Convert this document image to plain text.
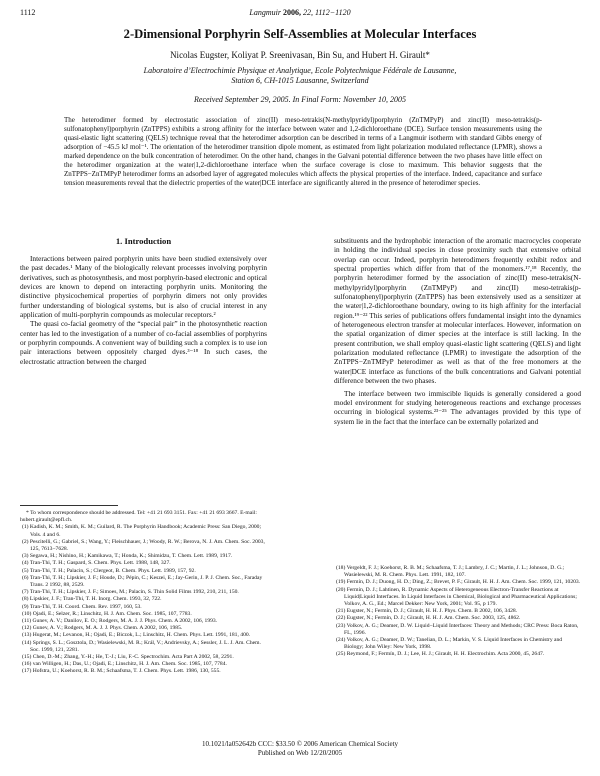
1112	Langmuir 2006, 22, 1112−1120
2-Dimensional Porphyrin Self-Assemblies at Molecular Interfaces
Nicolas Eugster, Koliyat P. Sreenivasan, Bin Su, and Hubert H. Girault*
Laboratoire d’Electrochimie Physique et Analytique, Ecole Polytechnique Fédérale de Lausanne,
Station 6, CH-1015 Lausanne, Switzerland
Received September 29, 2005. In Final Form: November 10, 2005

The heterodimer formed by electrostatic association of zinc(II) meso-tetrakis(N-methylpyridyl)porphyrin (ZnTMPyP) and zinc(II) meso-tetrakis(p-sulfonatophenyl)porphyrin (ZnTPPS) exhibits a strong affinity for the interface between water and 1,2-dichloroethane (DCE). Surface tension measurements using the quasi-elastic light scattering (QELS) technique reveal that the heterodimer adsorption can be described in terms of a Langmuir isotherm with standard Gibbs energy of adsorption of −45.5 kJ mol⁻¹. The orientation of the heterodimer transition dipole moment, as estimated from light polarization modulated reflectance (LPMR), shows a marked dependence on the bulk concentration of heterodimer. On the other hand, changes in the Galvani potential difference between the two phases have little effect on the heterodimer organization at the water|1,2-dichloroethane interface when the surface coverage is close to maximum. This behavior suggests that the ZnTPPS−ZnTMPyP heterodimer forms an adsorbed layer of aggregated molecules which affects the physical properties of the interface. Indeed, capacitance and surface tension measurements reveal that the dielectric properties of the water|DCE interface are significantly altered in the presence of heterodimer species.

1. Introduction

Interactions between paired porphyrin units have been studied extensively over the past decades.¹ Many of the biologically relevant processes involving porphyrin derivatives, such as photosynthesis, and most porphyrin-based electronic and optical devices are known to depend on interacting porphyrin units. Monitoring the distinctive physicochemical properties of porphyrin dimers not only provides further understanding of biological systems, but is also of crucial interest in any application of multi-porphyrin compounds as molecular receptors.²

The quasi co-facial geometry of the “special pair” in the photosynthetic reaction center has led to the investigation of a number of co-facial assemblies of porphyrins or porphyrin compounds. A convenient way of building such a complex is to use ion pair interactions between oppositely charged dyes.³⁻¹⁸ In such cases, the electrostatic attraction between the charged

substituents and the hydrophobic interaction of the aromatic macrocycles cooperate in holding the individual species in close proximity such that extensive orbital overlap can occur. Indeed, porphyrin heterodimers frequently exhibit redox and spectral properties which differ from that of the monomers.¹⁷,¹⁸ Recently, the porphyrin heterodimer formed by the association of zinc(II) meso-tetrakis(N-methylpyridyl)porphyrin (ZnTMPyP) and zinc(II) meso-tetrakis(p-sulfonatophenyl)porphyrin (ZnTPPS) has been extensively used as a sensitizer at the water|1,2-dichloroethane boundary, owing to its high affinity for the interfacial region.¹⁹⁻²² This series of publications offers fundamental insight into the dynamics of heterogeneous electron transfer at molecular interfaces. However, information on the spatial organization of dimer species at the interface is still lacking. In the present contribution, we shall employ quasi-elastic light scattering (QELS) and light polarization modulated reflectance (LPMR) to investigate the adsorption of the ZnTPPS−ZnTMPyP heterodimer as well as that of the free monomers at the water|DCE interface as functions of the bulk concentrations and Galvani potential difference between the two phases.

The interface between two immiscible liquids is generally considered a good model environment for studying heterogeneous reactions and exchange processes occurring in biological systems.²³⁻²⁵ The advantages provided by this type of system lie in the fact that the interface can be externally polarized and

* To whom correspondence should be addressed. Tel: +41 21 693 3151. Fax: +41 21 693 3667. E-mail: hubert.girault@epfl.ch.

(1) Kadish, K. M.; Smith, K. M.; Guilard, R. The Porphyrin Handbook; Academic Press: San Diego, 2000; Vols. 4 and 6.

(2) Pescitelli, G.; Gabriel, S.; Wang, Y.; Fleischhauer, J.; Woody, R. W.; Berova, N. J. Am. Chem. Soc. 2003, 125, 7613−7628.

(3) Segawa, H.; Nishino, H.; Kamikawa, T.; Honda, K.; Shimidzu, T. Chem. Lett. 1989, 1917.

(4) Tran-Thi, T. H.; Gaspard, S. Chem. Phys. Lett. 1988, 148, 327.

(5) Tran-Thi, T. H.; Palacin, S.; Clergeot, B. Chem. Phys. Lett. 1989, 157, 92.

(6) Tran-Thi, T. H.; Lipskier, J. F.; Houde, D.; Pépin, C.; Keszei, E.; Jay-Gerin, J. P. J. Chem. Soc., Faraday Trans. 2 1992, 88, 2529.

(7) Tran-Thi, T. H.; Lipskier, J. F.; Simoes, M.; Palacin, S. Thin Solid Films 1992, 210, 211, 150.

(8) Lipskier, J. F.; Tran-Thi, T. H. Inorg. Chem. 1993, 32, 722.

(9) Tran-Thi, T. H. Coord. Chem. Rev. 1997, 160, 53.

(10) Ojadi, E.; Selzer, R.; Linschitz, H. J. Am. Chem. Soc. 1985, 107, 7783.

(11) Gunev, A. V.; Danilov, E. O.; Rodgers, M. A. J. J. Phys. Chem. A 2002, 106, 1993.

(12) Gunev, A. V.; Rodgers, M. A. J. J. Phys. Chem. A 2002, 106, 1985.

(13) Hugerat, M.; Levanon, H.; Ojadi, E.; Biczok, L.; Linschitz, H. Chem. Phys. Lett. 1991, 181, 400.

(14) Springs, S. L.; Gosztola, D.; Wasielewski, M. R.; Král, V.; Andrievsky, A.; Sessler, J. L. J. Am. Chem. Soc. 1999, 121, 2281.

(15) Chen, D.-M.; Zhang, Y.-H.; He, T.-J.; Liu, F.-C. Spectrochim. Acta Part A 2002, 58, 2291.

(16) van Willigen, H.; Das, U.; Ojadi, E.; Linschitz, H. J. Am. Chem. Soc. 1985, 107, 7784.

(17) Hofstra, U.; Koehorst, R. B. M.; Schaafsma, T. J. Chem. Phys. Lett. 1986, 130, 555.

(18) Vergeldt, F. J.; Koehorst, R. B. M.; Schaafsma, T. J.; Lambry, J. C.; Martin, J. L.; Johnson, D. G.; Wasielewski, M. R. Chem. Phys. Lett. 1991, 182, 107.

(19) Fermín, D. J.; Duong, H. D.; Ding, Z.; Brevet, P. F.; Girault, H. H. J. Am. Chem. Soc. 1999, 121, 10203.

(20) Fermín, D. J.; Lahtinen, R. Dynamic Aspects of Heterogeneous Electron-Transfer Reactions at Liquid|Liquid Interfaces. In Liquid Interfaces in Chemical, Biological and Pharmaceutical Applications; Volkov, A. G., Ed.; Marcel Dekker: New York, 2001; Vol. 95, p 179.

(21) Eugster, N.; Fermín, D. J.; Girault, H. H. J. Phys. Chem. B 2002, 106, 3428.

(22) Eugster, N.; Fermín, D. J.; Girault, H. H. J. Am. Chem. Soc. 2003, 125, 4862.

(23) Volkov, A. G.; Deamer, D. W. Liquid−Liquid Interfaces: Theory and Methods; CRC Press: Boca Raton, FL, 1996.

(24) Volkov, A. G.; Deamer, D. W.; Tanelian, D. L.; Markin, V. S. Liquid Interfaces in Chemistry and Biology; John Wiley: New York, 1998.

(25) Reymond, F.; Fermín, D. J.; Lee, H. J.; Girault, H. H. Electrochim. Acta 2000, 45, 2647.

10.1021/la052642b CCC: $33.50 © 2006 American Chemical Society
Published on Web 12/20/2005
